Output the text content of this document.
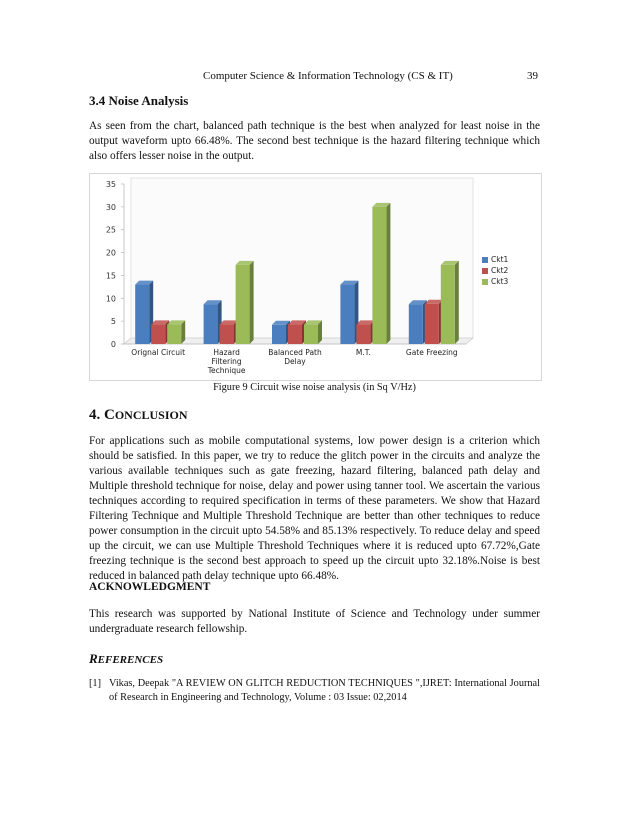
Computer Science & Information Technology (CS & IT)	39
3.4 Noise Analysis
As seen from the chart, balanced path technique is the best when analyzed for least noise in the output waveform upto 66.48%. The second best technique is the hazard filtering technique which also offers lesser noise in the output.
0
5
10
15
20
25
30
35
Orignal Circuit	Hazard
Filtering
Technique
Balanced Path
Delay
M.T.	Gate Freezing
Ckt1
Ckt2
Ckt3
Figure 9 Circuit wise noise analysis (in Sq V/Hz)
4. CONCLUSION
For applications such as mobile computational systems, low power design is a criterion which should be satisfied. In this paper, we try to reduce the glitch power in the circuits and analyze the various available techniques such as gate freezing, hazard filtering, balanced path delay and Multiple threshold technique for noise, delay and power using tanner tool. We ascertain the various techniques according to required specification in terms of these parameters. We show that Hazard Filtering Technique and Multiple Threshold Technique are better than other techniques to reduce power consumption in the circuit upto 54.58% and 85.13% respectively. To reduce delay and speed up the circuit, we can use Multiple Threshold Techniques where it is reduced upto 67.72%,Gate freezing technique is the second best approach to speed up the circuit upto 32.18%.Noise is best reduced in balanced path delay technique upto 66.48%.
ACKNOWLEDGMENT
This research was supported by National Institute of Science and Technology under summer undergraduate research fellowship.
REFERENCES
[1] Vikas, Deepak "A REVIEW ON GLITCH REDUCTION TECHNIQUES ",IJRET: International Journal of Research in Engineering and Technology, Volume : 03 Issue: 02,2014
